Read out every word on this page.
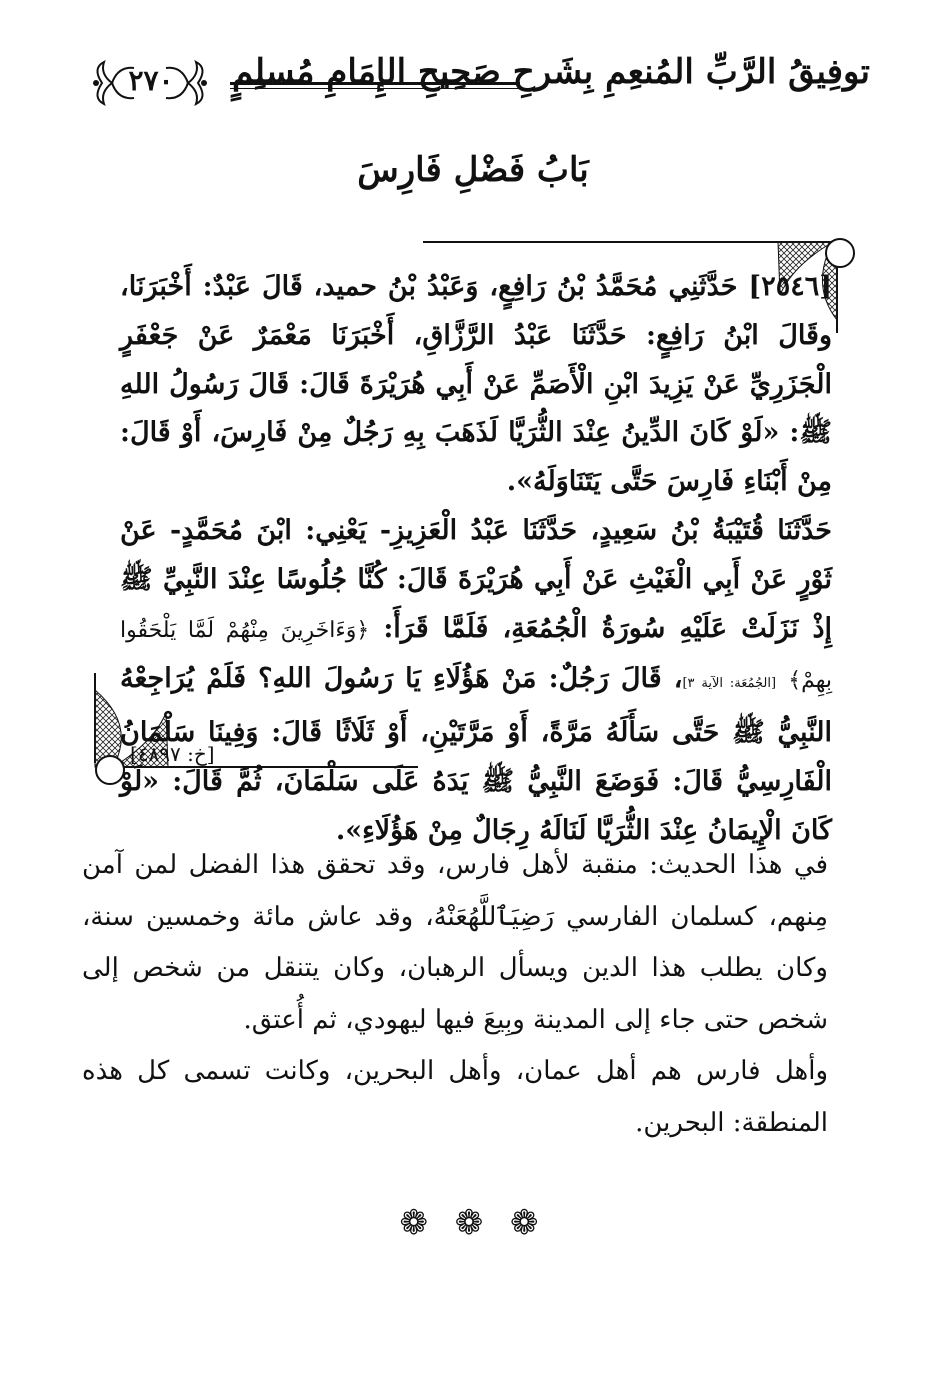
٢٧٠	توفِيقُ الرَّبِّ المُنعِمِ بِشَرحِ صَحِيحِ الإِمَامِ مُسلِمٍ
بَابُ فَضْلِ فَارِسَ

[٢٥٤٦] حَدَّثَنِي مُحَمَّدُ بْنُ رَافِعٍ، وَعَبْدُ بْنُ حميد، قَالَ عَبْدٌ: أَخْبَرَنَا، وقَالَ ابْنُ رَافِعٍ: حَدَّثَنَا عَبْدُ الرَّزَّاقِ، أَخْبَرَنَا مَعْمَرٌ عَنْ جَعْفَرٍ الْجَزَرِيِّ عَنْ يَزِيدَ ابْنِ الْأَصَمِّ عَنْ أَبِي هُرَيْرَةَ قَالَ: قَالَ رَسُولُ اللهِ ﷺ: «لَوْ كَانَ الدِّينُ عِنْدَ الثُّرَيَّا لَذَهَبَ بِهِ رَجُلٌ مِنْ فَارِسَ، أَوْ قَالَ: مِنْ أَبْنَاءِ فَارِسَ حَتَّى يَتَنَاوَلَهُ».

حَدَّثَنَا قُتَيْبَةُ بْنُ سَعِيدٍ، حَدَّثَنَا عَبْدُ الْعَزِيزِ- يَعْنِي: ابْنَ مُحَمَّدٍ- عَنْ ثَوْرٍ عَنْ أَبِي الْغَيْثِ عَنْ أَبِي هُرَيْرَةَ قَالَ: كُنَّا جُلُوسًا عِنْدَ النَّبِيِّ ﷺ إِذْ نَزَلَتْ عَلَيْهِ سُورَةُ الْجُمُعَةِ، فَلَمَّا قَرَأَ: ﴿وَءَاخَرِينَ مِنْهُمْ لَمَّا يَلْحَقُوا بِهِمْ﴾ [الجُمُعَة: الآية ٣]، قَالَ رَجُلٌ: مَنْ هَؤُلَاءِ يَا رَسُولَ اللهِ؟ فَلَمْ يُرَاجِعْهُ النَّبِيُّ ﷺ حَتَّى سَأَلَهُ مَرَّةً، أَوْ مَرَّتَيْنِ، أَوْ ثَلَاثًا قَالَ: وَفِينَا سَلْمَانُ الْفَارِسِيُّ قَالَ: فَوَضَعَ النَّبِيُّ ﷺ يَدَهُ عَلَى سَلْمَانَ، ثُمَّ قَالَ: «لَوْ كَانَ الْإِيمَانُ عِنْدَ الثُّرَيَّا لَنَالَهُ رِجَالٌ مِنْ هَؤُلَاءِ».

[خ: ٤٨٩٧]

في هذا الحديث: منقبة لأهل فارس، وقد تحقق هذا الفضل لمن آمن مِنهم، كسلمان الفارسي رَضِيَٱللَّهُعَنْهُ، وقد عاش مائة وخمسين سنة، وكان يطلب هذا الدين ويسأل الرهبان، وكان يتنقل من شخص إلى شخص حتى جاء إلى المدينة وبِيعَ فيها ليهودي، ثم أُعتق.

وأهل فارس هم أهل عمان، وأهل البحرين، وكانت تسمى كل هذه المنطقة: البحرين.

❁ ❁ ❁
